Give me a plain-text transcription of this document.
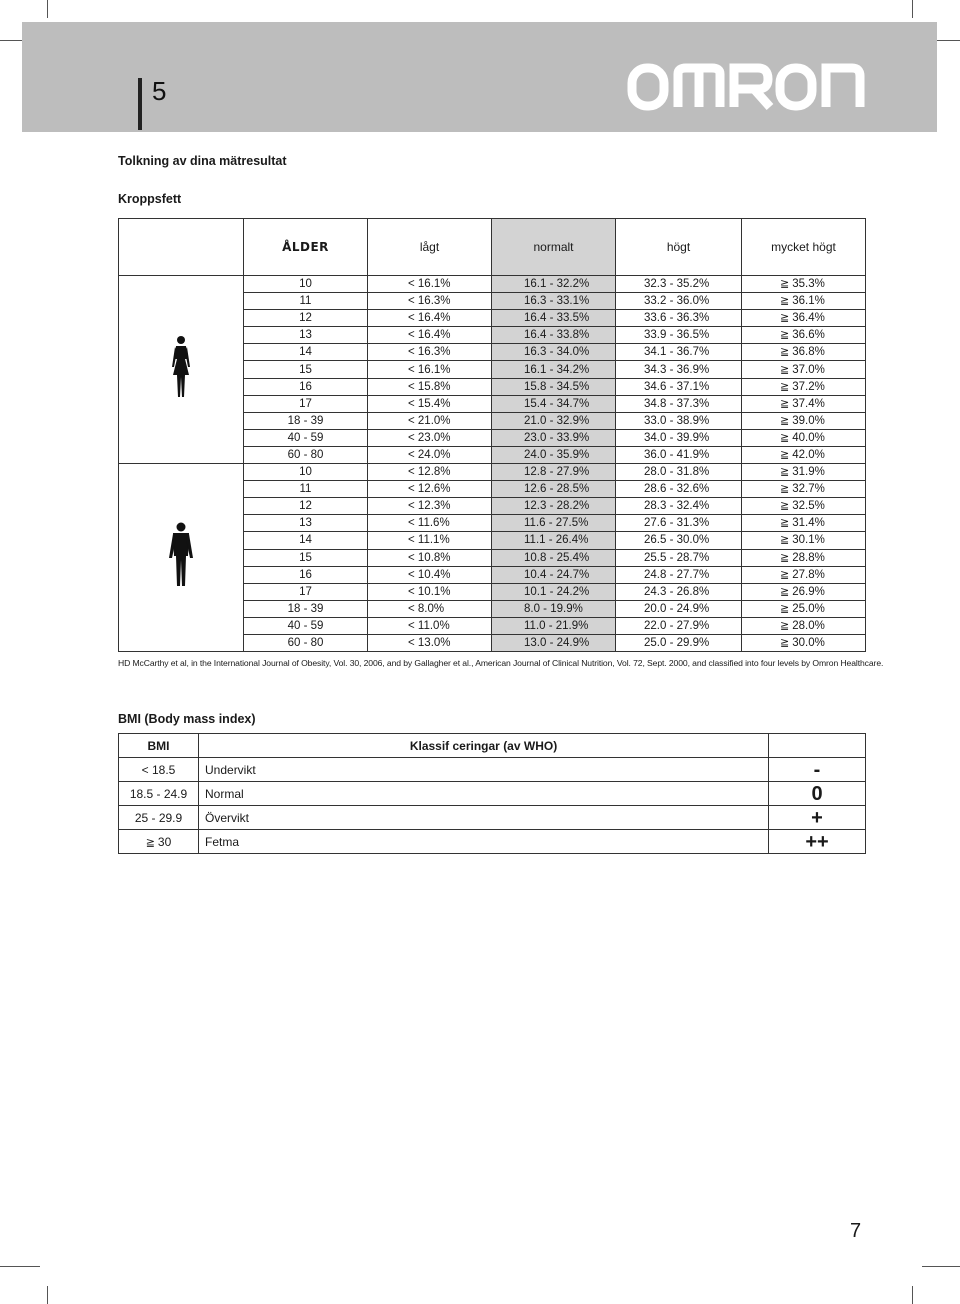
5
Tolkning av dina mätresultat
Kroppsfett
	ÅLDER	lågt	normalt	högt	mycket högt
	10	< 16.1%	16.1 - 32.2%	32.3 - 35.2%	≧ 35.3%
	11	< 16.3%	16.3 - 33.1%	33.2 - 36.0%	≧ 36.1%
	12	< 16.4%	16.4 - 33.5%	33.6 - 36.3%	≧ 36.4%
	13	< 16.4%	16.4 - 33.8%	33.9 - 36.5%	≧ 36.6%
	14	< 16.3%	16.3 - 34.0%	34.1 - 36.7%	≧ 36.8%
	15	< 16.1%	16.1 - 34.2%	34.3 - 36.9%	≧ 37.0%
	16	< 15.8%	15.8 - 34.5%	34.6 - 37.1%	≧ 37.2%
	17	< 15.4%	15.4 - 34.7%	34.8 - 37.3%	≧ 37.4%
	18 - 39	< 21.0%	21.0 - 32.9%	33.0 - 38.9%	≧ 39.0%
	40 - 59	< 23.0%	23.0 - 33.9%	34.0 - 39.9%	≧ 40.0%
	60 - 80	< 24.0%	24.0 - 35.9%	36.0 - 41.9%	≧ 42.0%
	10	< 12.8%	12.8 - 27.9%	28.0 - 31.8%	≧ 31.9%
	11	< 12.6%	12.6 - 28.5%	28.6 - 32.6%	≧ 32.7%
	12	< 12.3%	12.3 - 28.2%	28.3 - 32.4%	≧ 32.5%
	13	< 11.6%	11.6 - 27.5%	27.6 - 31.3%	≧ 31.4%
	14	< 11.1%	11.1 - 26.4%	26.5 - 30.0%	≧ 30.1%
	15	< 10.8%	10.8 - 25.4%	25.5 - 28.7%	≧ 28.8%
	16	< 10.4%	10.4 - 24.7%	24.8 - 27.7%	≧ 27.8%
	17	< 10.1%	10.1 - 24.2%	24.3 - 26.8%	≧ 26.9%
	18 - 39	< 8.0%	8.0 - 19.9%	20.0 - 24.9%	≧ 25.0%
	40 - 59	< 11.0%	11.0 - 21.9%	22.0 - 27.9%	≧ 28.0%
	60 - 80	< 13.0%	13.0 - 24.9%	25.0 - 29.9%	≧ 30.0%
HD McCarthy et al, in the International Journal of Obesity, Vol. 30, 2006, and by Gallagher et al., American Journal of Clinical Nutrition, Vol. 72, Sept. 2000, and classified into four levels by Omron Healthcare.
BMI (Body mass index)
BMI	Klassif ceringar (av WHO)	
< 18.5	Undervikt	-
18.5 - 24.9	Normal	0
25 - 29.9	Övervikt	+
≧ 30	Fetma	++
7
